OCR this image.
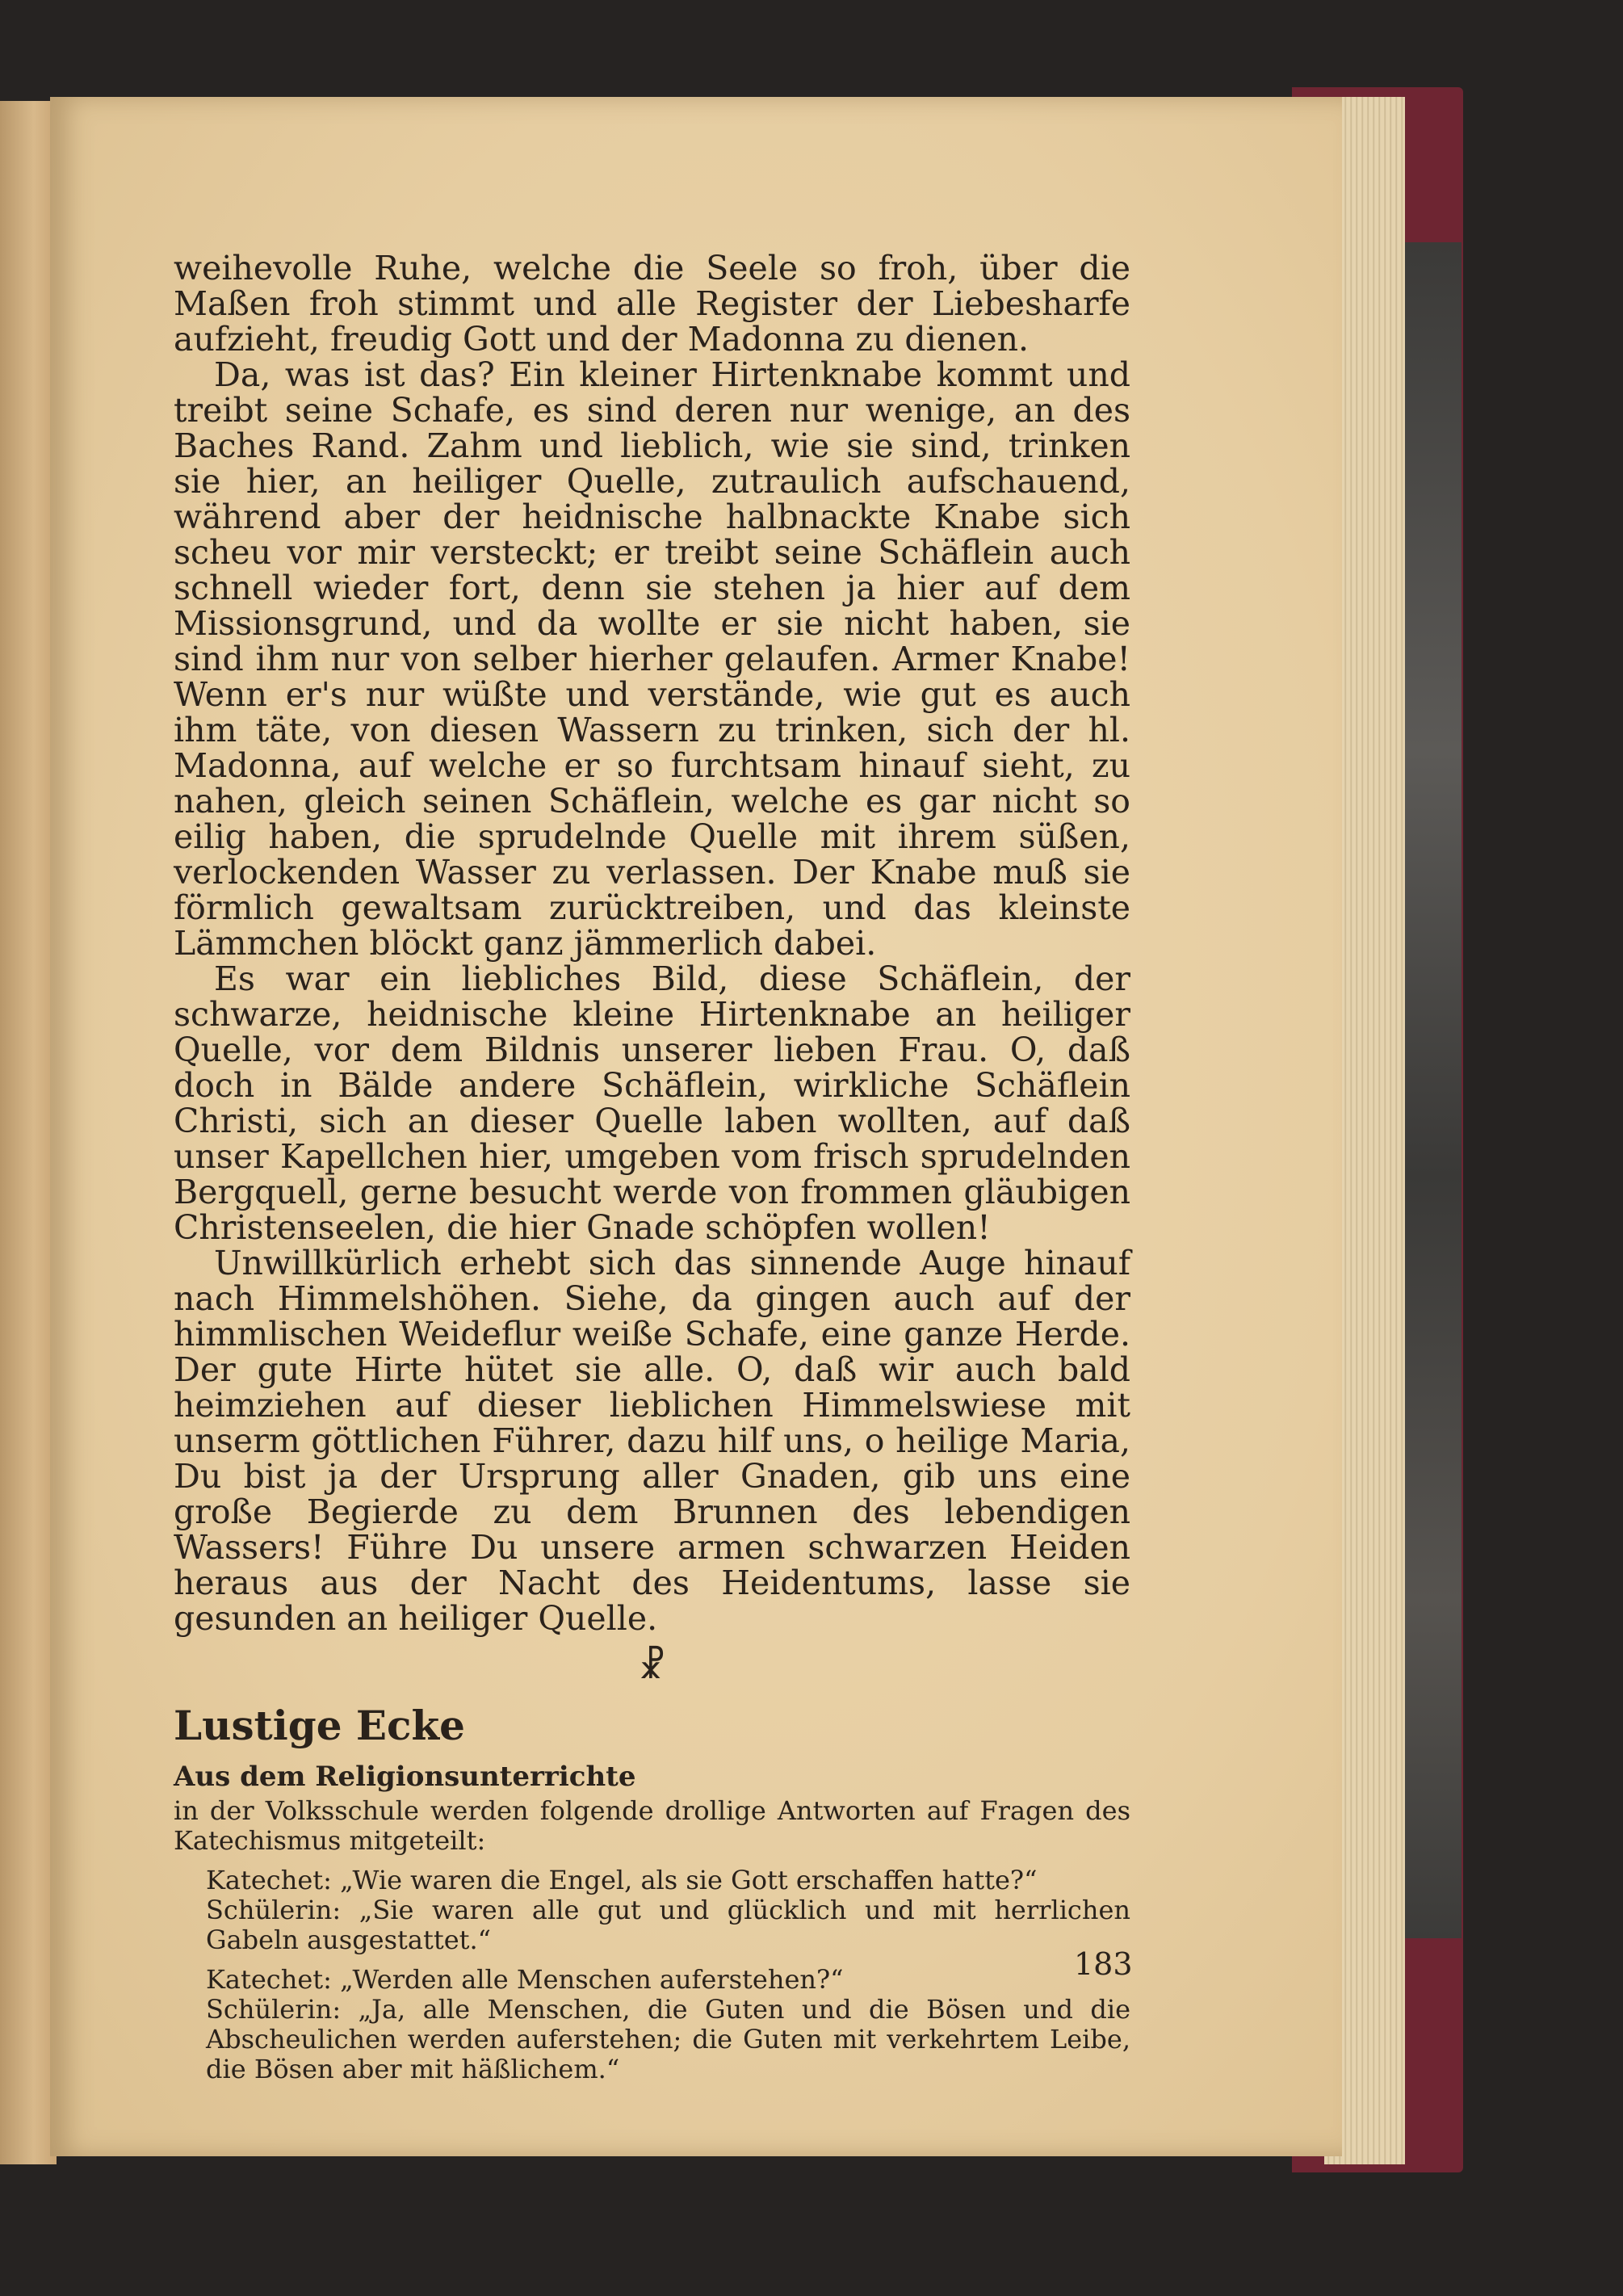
weihevolle Ruhe, welche die Seele so froh, über die Maßen froh stimmt und alle Register der Liebesharfe aufzieht, freudig Gott und der Madonna zu dienen.

Da, was ist das? Ein kleiner Hirtenknabe kommt und treibt seine Schafe, es sind deren nur wenige, an des Baches Rand. Zahm und lieblich, wie sie sind, trinken sie hier, an heiliger Quelle, zutraulich aufschauend, während aber der heidnische halbnackte Knabe sich scheu vor mir versteckt; er treibt seine Schäflein auch schnell wieder fort, denn sie stehen ja hier auf dem Missionsgrund, und da wollte er sie nicht haben, sie sind ihm nur von selber hierher gelaufen. Armer Knabe! Wenn er's nur wüßte und verstände, wie gut es auch ihm täte, von diesen Wassern zu trinken, sich der hl. Madonna, auf welche er so furchtsam hinauf sieht, zu nahen, gleich seinen Schäflein, welche es gar nicht so eilig haben, die sprudelnde Quelle mit ihrem süßen, verlockenden Wasser zu verlassen. Der Knabe muß sie förmlich gewaltsam zurücktreiben, und das kleinste Lämmchen blöckt ganz jämmerlich dabei.

Es war ein liebliches Bild, diese Schäflein, der schwarze, heidnische kleine Hirtenknabe an heiliger Quelle, vor dem Bildnis unserer lieben Frau. O, daß doch in Bälde andere Schäflein, wirkliche Schäflein Christi, sich an dieser Quelle laben wollten, auf daß unser Kapellchen hier, umgeben vom frisch sprudelnden Bergquell, gerne besucht werde von frommen gläubigen Christenseelen, die hier Gnade schöpfen wollen!

Unwillkürlich erhebt sich das sinnende Auge hinauf nach Himmelshöhen. Siehe, da gingen auch auf der himmlischen Weideflur weiße Schafe, eine ganze Herde. Der gute Hirte hütet sie alle. O, daß wir auch bald heimziehen auf dieser lieblichen Himmelswiese mit unserm göttlichen Führer, dazu hilf uns, o heilige Maria, Du bist ja der Ursprung aller Gnaden, gib uns eine große Begierde zu dem Brunnen des lebendigen Wassers! Führe Du unsere armen schwarzen Heiden heraus aus der Nacht des Heidentums, lasse sie gesunden an heiliger Quelle.

☧
Lustige Ecke
Aus dem Religionsunterrichte

in der Volksschule werden folgende drollige Antworten auf Fragen des Katechismus mitgeteilt:

Katechet: „Wie waren die Engel, als sie Gott erschaffen hatte?“

Schülerin: „Sie waren alle gut und glücklich und mit herrlichen Gabeln ausgestattet.“

Katechet: „Werden alle Menschen auferstehen?“

Schülerin: „Ja, alle Menschen, die Guten und die Bösen und die Abscheulichen werden auferstehen; die Guten mit verkehrtem Leibe, die Bösen aber mit häßlichem.“

183
